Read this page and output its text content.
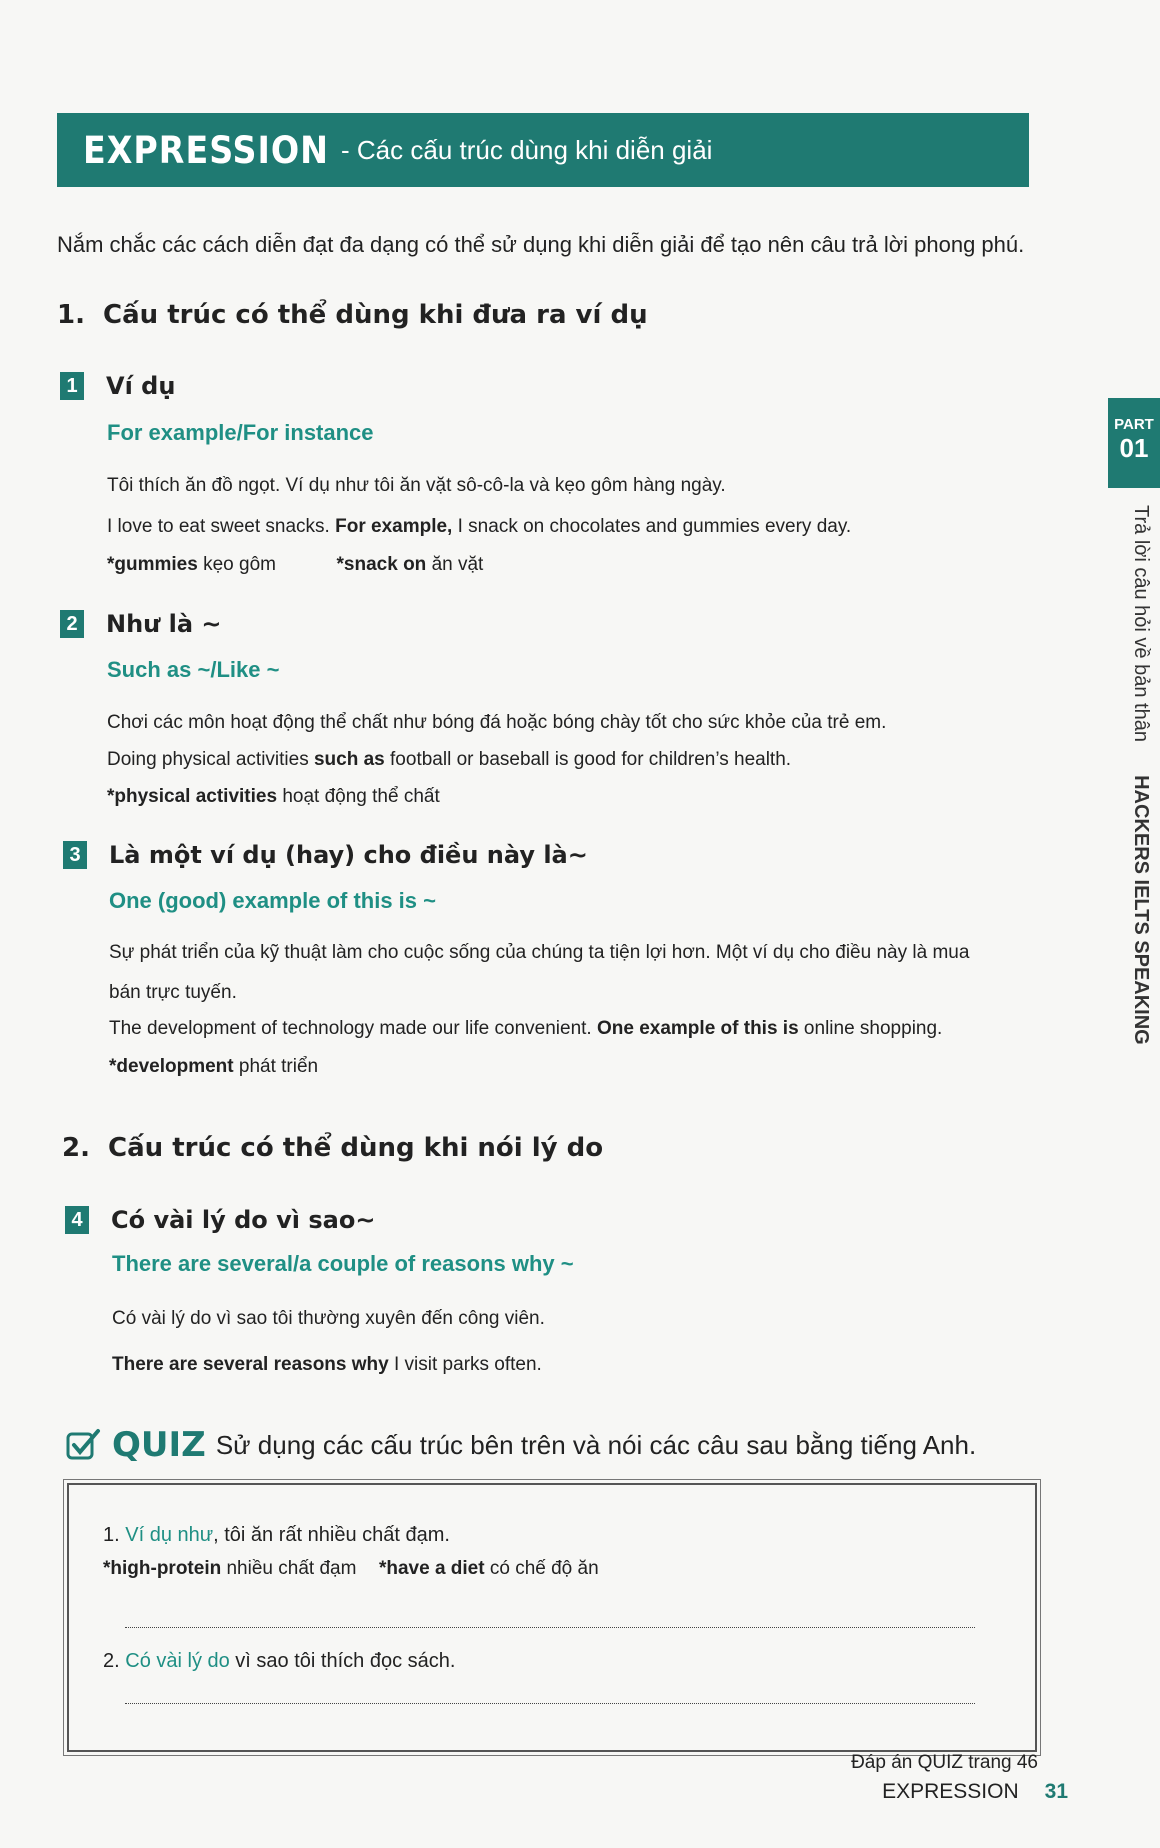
EXPRESSION - Các cấu trúc dùng khi diễn giải
Nắm chắc các cách diễn đạt đa dạng có thể sử dụng khi diễn giải để tạo nên câu trả lời phong phú.
1. Cấu trúc có thể dùng khi đưa ra ví dụ
1 Ví dụ
For example/For instance
Tôi thích ăn đồ ngọt. Ví dụ như tôi ăn vặt sô-cô-la và kẹo gôm hàng ngày.
I love to eat sweet snacks. For example, I snack on chocolates and gummies every day.
*gummies kẹo gôm	*snack on ăn vặt
2 Như là ~
Such as ~/Like ~
Chơi các môn hoạt động thể chất như bóng đá hoặc bóng chày tốt cho sức khỏe của trẻ em.
Doing physical activities such as football or baseball is good for children’s health.
*physical activities hoạt động thể chất
3 Là một ví dụ (hay) cho điều này là~
One (good) example of this is ~
Sự phát triển của kỹ thuật làm cho cuộc sống của chúng ta tiện lợi hơn. Một ví dụ cho điều này là mua
bán trực tuyến.
The development of technology made our life convenient. One example of this is online shopping.
*development phát triển
2. Cấu trúc có thể dùng khi nói lý do
4 Có vài lý do vì sao~
There are several/a couple of reasons why ~
Có vài lý do vì sao tôi thường xuyên đến công viên.
There are several reasons why I visit parks often.
QUIZ Sử dụng các cấu trúc bên trên và nói các câu sau bằng tiếng Anh.
1. Ví dụ như, tôi ăn rất nhiều chất đạm.
*high-protein nhiều chất đạm *have a diet có chế độ ăn
2. Có vài lý do vì sao tôi thích đọc sách.
PART
01
Trả lời câu hỏi về bản thân  HACKERS IELTS SPEAKING
Đáp án QUIZ trang 46
EXPRESSION 31
